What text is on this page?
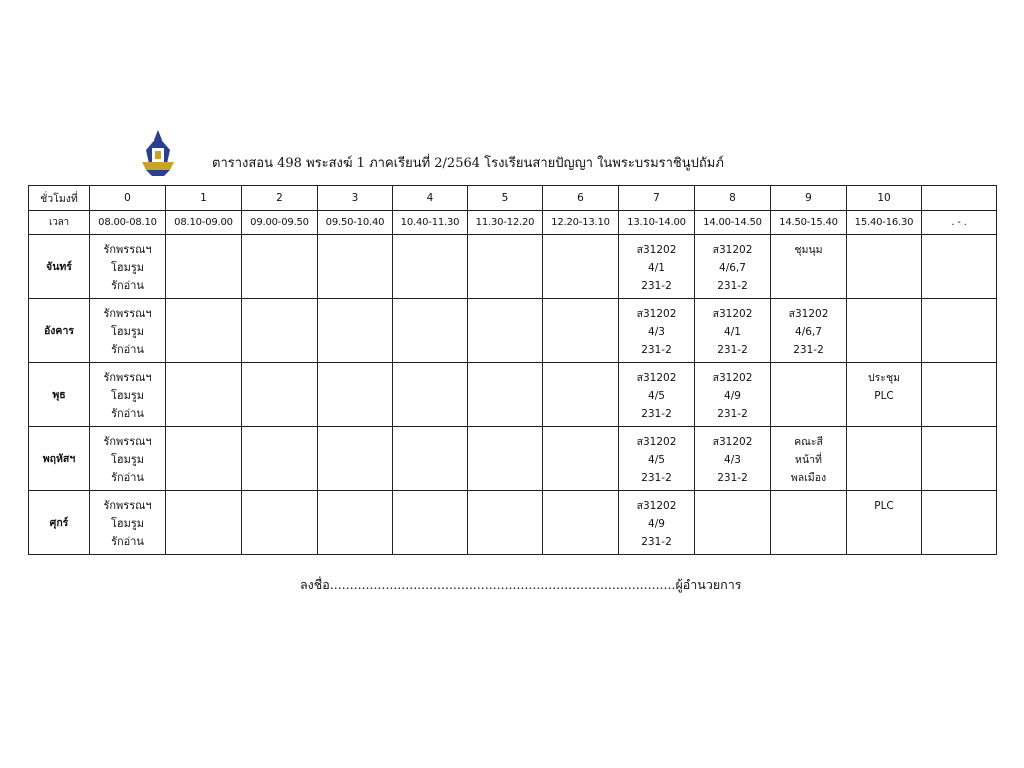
ตารางสอน 498 พระสงฆ์ 1 ภาคเรียนที่ 2/2564 โรงเรียนสายปัญญา ในพระบรมราชินูปถัมภ์
ชั่วโมงที่	0	1	2	3	4	5	6	7	8	9	10	
เวลา	08.00-08.10	08.10-09.00	09.00-09.50	09.50-10.40	10.40-11.30	11.30-12.20	12.20-13.10	13.10-14.00	14.00-14.50	14.50-15.40	15.40-16.30	. - .
จันทร์	รักพรรณฯ
โฮมรูม
รักอ่าน							ส31202
4/1
231-2	ส31202
4/6,7
231-2	ชุมนุม		

อังคาร	รักพรรณฯ
โฮมรูม
รักอ่าน							ส31202
4/3
231-2	ส31202
4/1
231-2	ส31202
4/6,7
231-2		

พุธ	รักพรรณฯ
โฮมรูม
รักอ่าน							ส31202
4/5
231-2	ส31202
4/9
231-2		ประชุม
PLC	

พฤหัสฯ	รักพรรณฯ
โฮมรูม
รักอ่าน							ส31202
4/5
231-2	ส31202
4/3
231-2	คณะสี
หน้าที่
พลเมือง		

ศุกร์	รักพรรณฯ
โฮมรูม
รักอ่าน							ส31202
4/9
231-2			PLC	

ลงชื่อ.......................................................................................ผู้อำนวยการ
